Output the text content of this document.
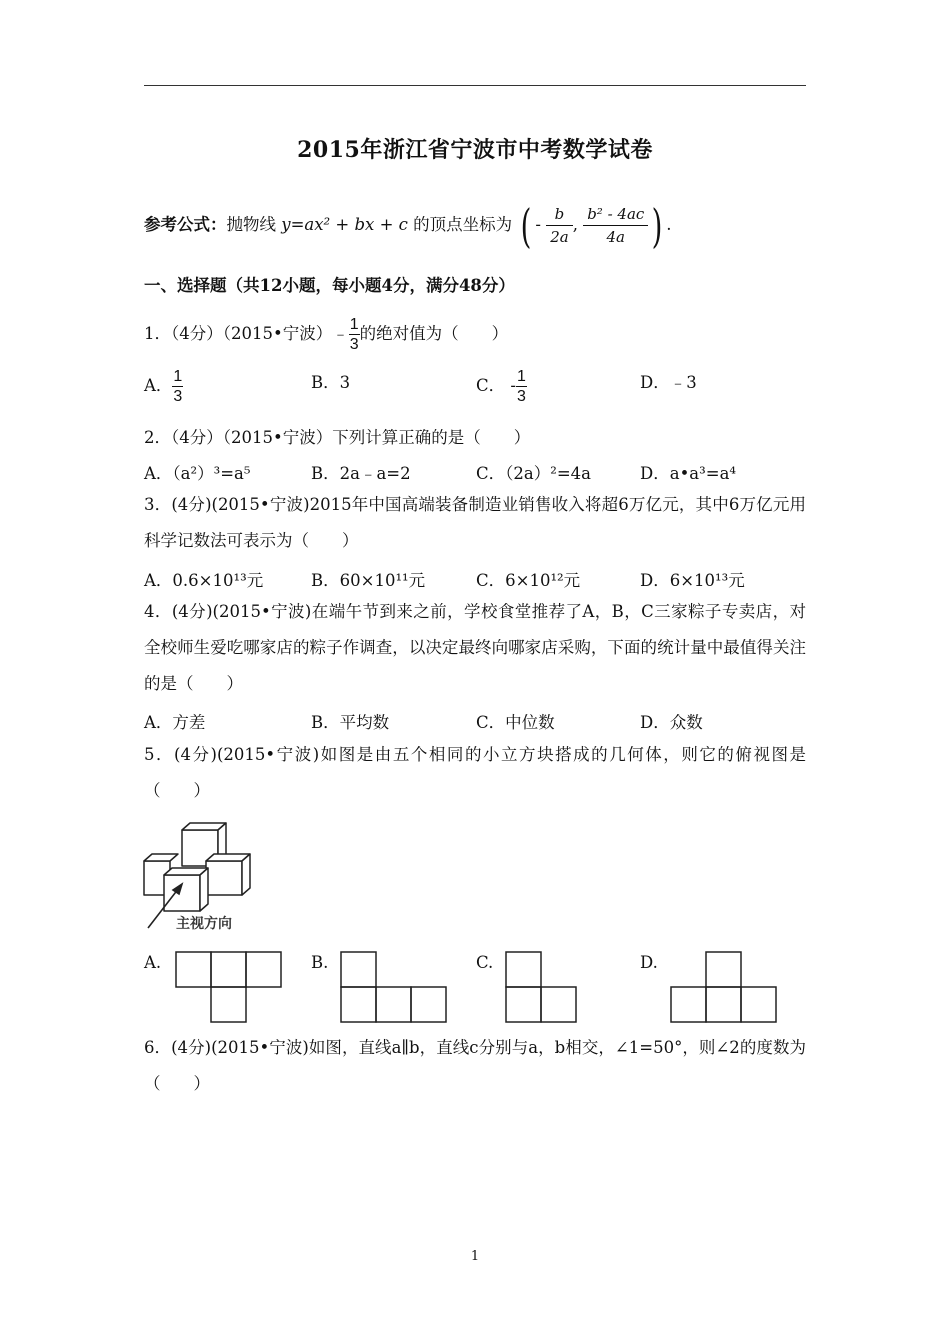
2015年浙江省宁波市中考数学试卷
参考公式：抛物线 y=ax² + bx + c 的顶点坐标为 ( - $\frac{b}{2a}$ , $\frac{\text{b² - 4ac}}{4a}$ ) .
一、选择题（共12小题，每小题4分，满分48分）
1．（4分）（2015•宁波）﹣ $\frac{1}{3}$ 的绝对值为（　　）
A． $\frac{1}{3}$	B．3	C． - $\frac{1}{3}$	D．﹣3
2．（4分）（2015•宁波）下列计算正确的是（　　）
A．（a²）³=a⁵	B．2a﹣a=2	C．（2a）²=4a	D．a•a³=a⁴
3．(4分)(2015•宁波)2015年中国高端装备制造业销售收入将超6万亿元，其中6万亿元用科学记数法可表示为（　　）
A．0.6×10¹³元	B．60×10¹¹元	C．6×10¹²元	D．6×10¹³元
4．(4分)(2015•宁波)在端午节到来之前，学校食堂推荐了A，B，C三家粽子专卖店，对全校师生爱吃哪家店的粽子作调查，以决定最终向哪家店采购，下面的统计量中最值得关注的是（　　）
A．方差	B．平均数	C．中位数	D．众数
5．(4分)(2015•宁波)如图是由五个相同的小立方块搭成的几何体，则它的俯视图是（　　）
主视方向
A.	B.	C.	D.
6．(4分)(2015•宁波)如图，直线a∥b，直线c分别与a，b相交，∠1=50°，则∠2的度数为（　　）
1
